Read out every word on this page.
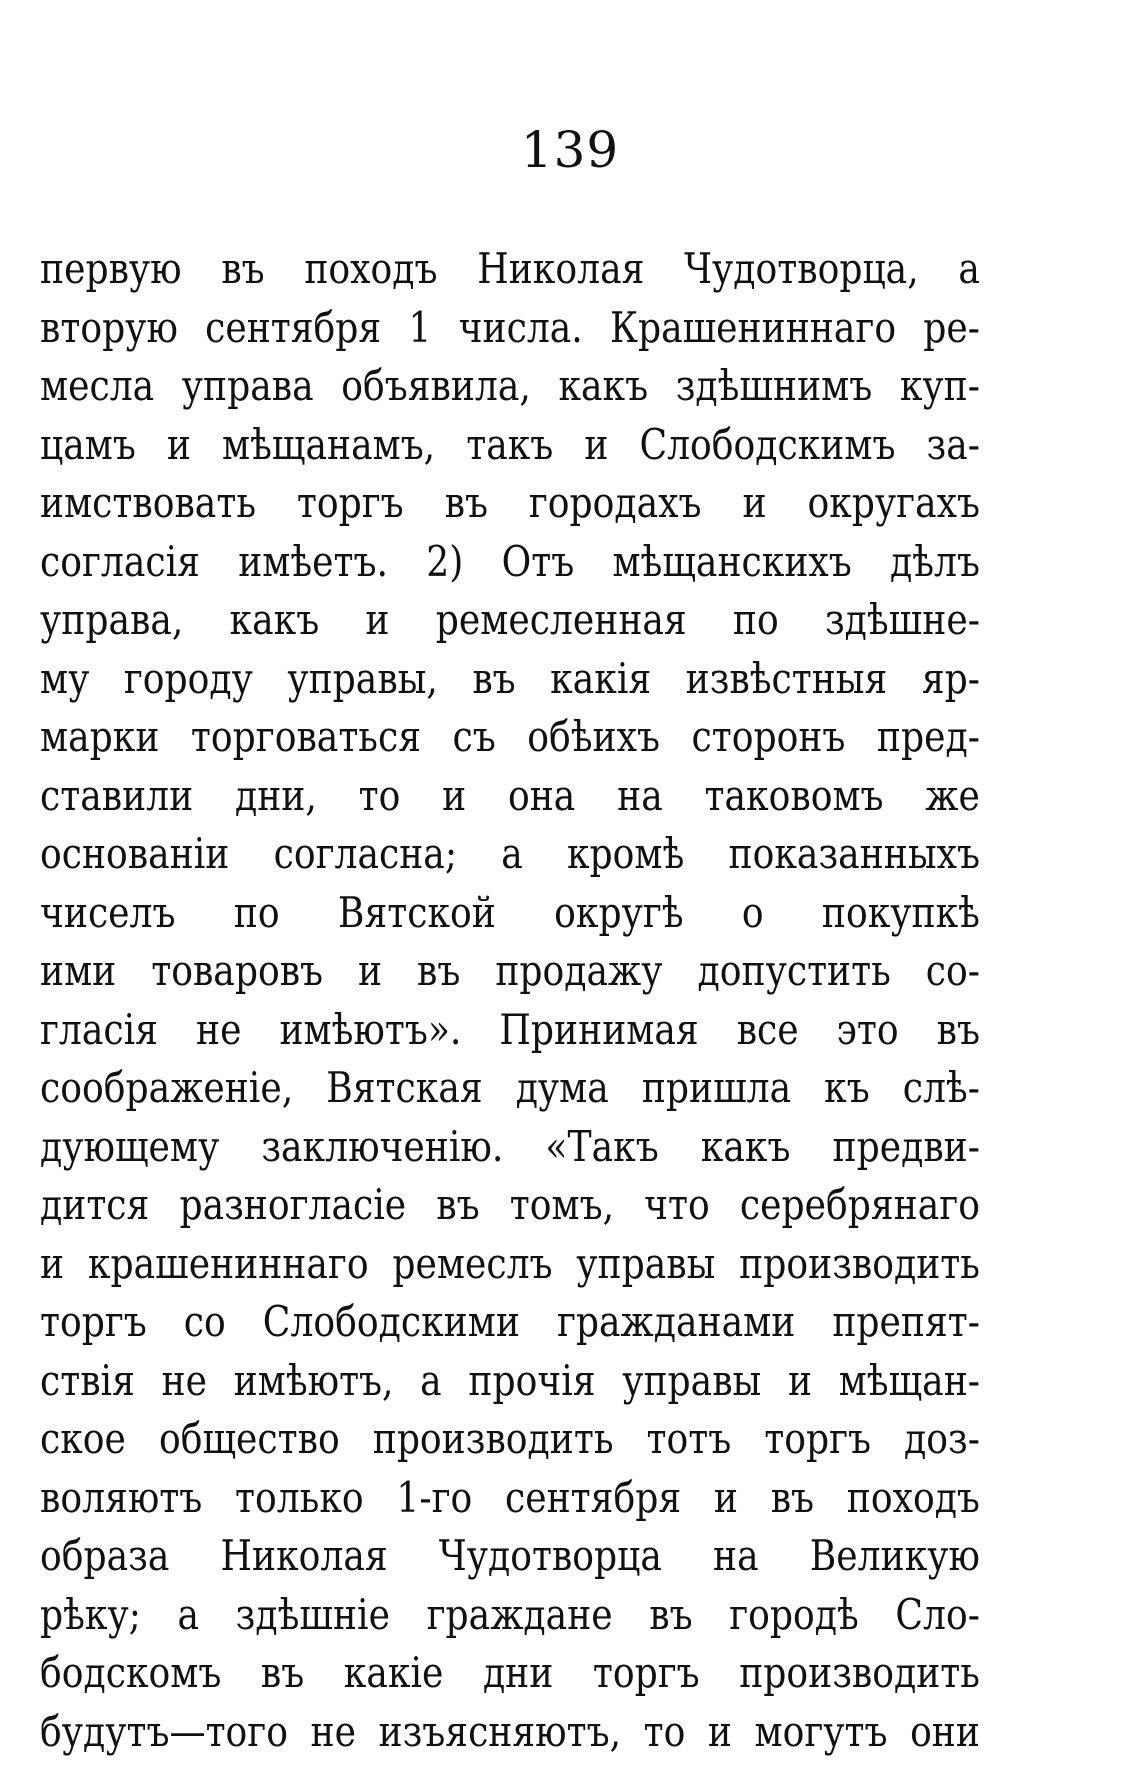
139
первую въ походъ Николая Чудотворца, а
вторую сентября 1 числа. Крашениннаго ре-
месла управа объявила, какъ здѣшнимъ куп-
цамъ и мѣщанамъ, такъ и Слободскимъ за-
имствовать торгъ въ городахъ и округахъ
согласія имѣетъ. 2) Отъ мѣщанскихъ дѣлъ
управа, какъ и ремесленная по здѣшне-
му городу управы, въ какія извѣстныя яр-
марки торговаться съ обѣихъ сторонъ пред-
ставили дни, то и она на таковомъ же
основаніи согласна; а кромѣ показанныхъ
чиселъ по Вятской округѣ о покупкѣ
ими товаровъ и въ продажу допустить со-
гласія не имѣютъ». Принимая все это въ
соображеніе, Вятская дума пришла къ слѣ-
дующему заключенію. «Такъ какъ предви-
дится разногласіе въ томъ, что серебрянаго
и крашениннаго ремеслъ управы производить
торгъ со Слободскими гражданами препят-
ствія не имѣютъ, а прочія управы и мѣщан-
ское общество производить тотъ торгъ доз-
воляютъ только 1-го сентября и въ походъ
образа Николая Чудотворца на Великую
рѣку; а здѣшніе граждане въ городѣ Сло-
бодскомъ въ какіе дни торгъ производить
будутъ—того не изъясняютъ, то и могутъ они
